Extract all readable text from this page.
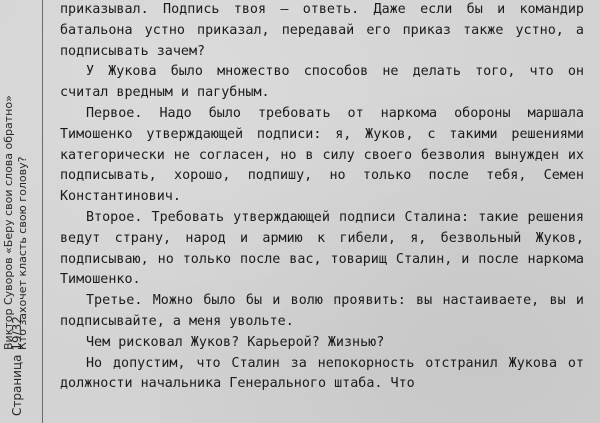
Страница 19/32
Виктор Суворов «Беру свои слова обратно» Кто захочет класть свою голову?

приказывал. Подпись твоя – ответь. Даже если бы и командир батальона устно приказал, передавай его приказ также устно, а подписывать зачем?

У Жукова было множество способов не делать того, что он считал вредным и пагубным.

Первое. Надо было требовать от наркома обороны маршала Тимошенко утверждающей подписи: я, Жуков, с такими решениями категорически не согласен, но в силу своего безволия вынужден их подписывать, хорошо, подпишу, но только после тебя, Семен Константинович.

Второе. Требовать утверждающей подписи Сталина: такие решения ведут страну, народ и армию к гибели, я, безвольный Жуков, подписываю, но только после вас, товарищ Сталин, и после наркома Тимошенко.

Третье. Можно было бы и волю проявить: вы настаиваете, вы и подписывайте, а меня увольте.

Чем рисковал Жуков? Карьерой? Жизнью?

Но допустим, что Сталин за непокорность отстранил Жукова от должности начальника Генерального штаба. Что
